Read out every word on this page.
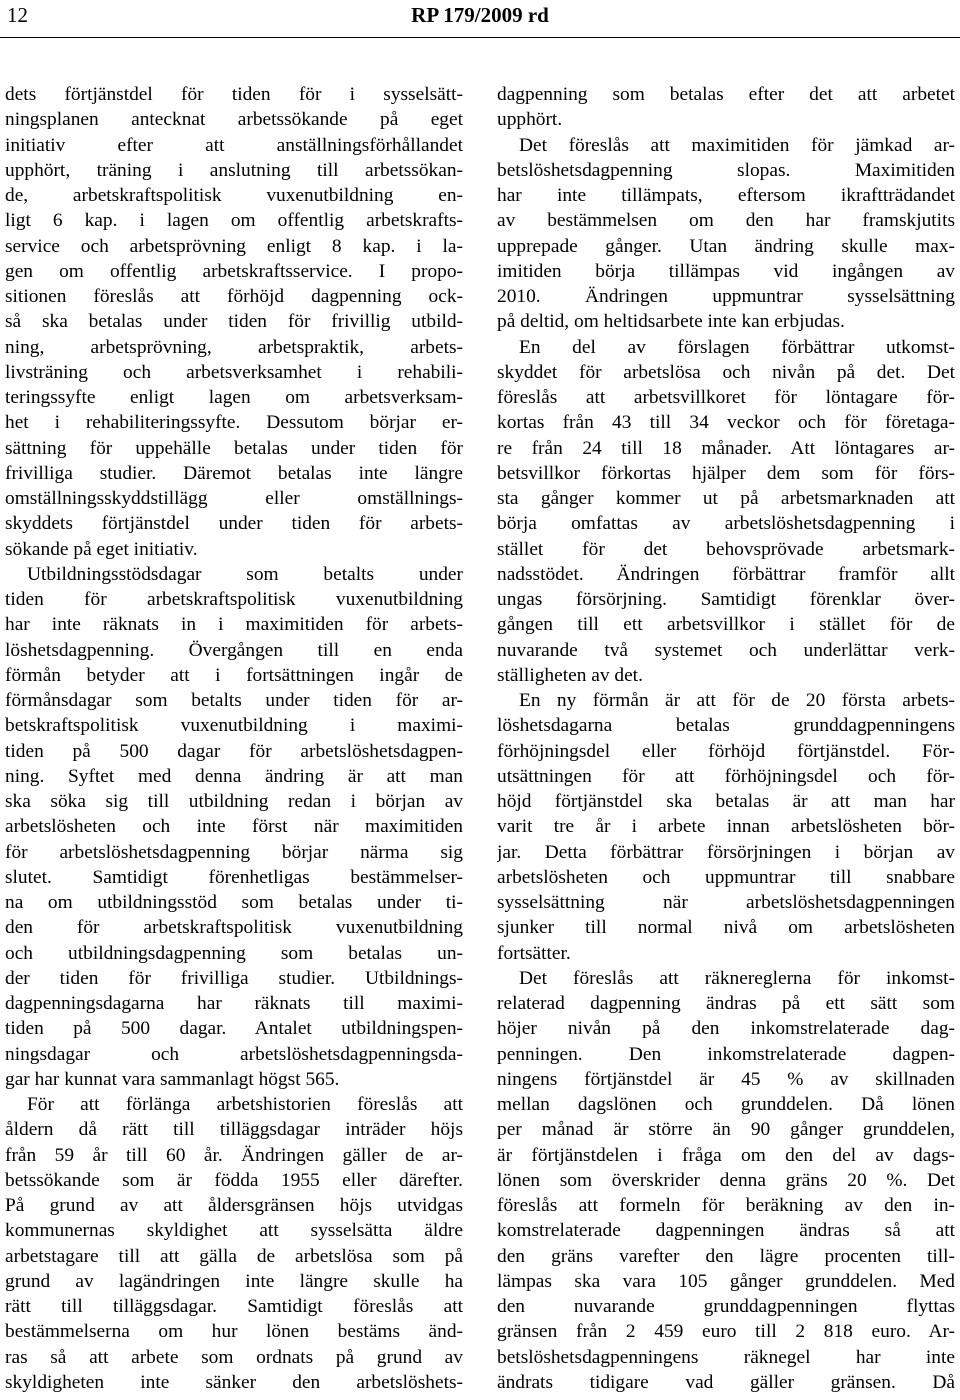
12	RP 179/2009 rd
dets förtjänstdel för tiden för i sysselsätt-
ningsplanen antecknat arbetssökande på eget
initiativ efter att anställningsförhållandet
upphört, träning i anslutning till arbetssökan-
de, arbetskraftspolitisk vuxenutbildning en-
ligt 6 kap. i lagen om offentlig arbetskrafts-
service och arbetsprövning enligt 8 kap. i la-
gen om offentlig arbetskraftsservice. I propo-
sitionen föreslås att förhöjd dagpenning ock-
så ska betalas under tiden för frivillig utbild-
ning, arbetsprövning, arbetspraktik, arbets-
livsträning och arbetsverksamhet i rehabili-
teringssyfte enligt lagen om arbetsverksam-
het i rehabiliteringssyfte. Dessutom börjar er-
sättning för uppehälle betalas under tiden för
frivilliga studier. Däremot betalas inte längre
omställningsskyddstillägg eller omställnings-
skyddets förtjänstdel under tiden för arbets-
sökande på eget initiativ.
Utbildningsstödsdagar som betalts under
tiden för arbetskraftspolitisk vuxenutbildning
har inte räknats in i maximitiden för arbets-
löshetsdagpenning. Övergången till en enda
förmån betyder att i fortsättningen ingår de
förmånsdagar som betalts under tiden för ar-
betskraftspolitisk vuxenutbildning i maximi-
tiden på 500 dagar för arbetslöshetsdagpen-
ning. Syftet med denna ändring är att man
ska söka sig till utbildning redan i början av
arbetslösheten och inte först när maximitiden
för arbetslöshetsdagpenning börjar närma sig
slutet. Samtidigt förenhetligas bestämmelser-
na om utbildningsstöd som betalas under ti-
den för arbetskraftspolitisk vuxenutbildning
och utbildningsdagpenning som betalas un-
der tiden för frivilliga studier. Utbildnings-
dagpenningsdagarna har räknats till maximi-
tiden på 500 dagar. Antalet utbildningspen-
ningsdagar och arbetslöshetsdagpenningsda-
gar har kunnat vara sammanlagt högst 565.
För att förlänga arbetshistorien föreslås att
åldern då rätt till tilläggsdagar inträder höjs
från 59 år till 60 år. Ändringen gäller de ar-
betssökande som är födda 1955 eller därefter.
På grund av att åldersgränsen höjs utvidgas
kommunernas skyldighet att sysselsätta äldre
arbetstagare till att gälla de arbetslösa som på
grund av lagändringen inte längre skulle ha
rätt till tilläggsdagar. Samtidigt föreslås att
bestämmelserna om hur lönen bestäms änd-
ras så att arbete som ordnats på grund av
skyldigheten inte sänker den arbetslöshets-
dagpenning som betalas efter det att arbetet
upphört.
Det föreslås att maximitiden för jämkad ar-
betslöshetsdagpenning slopas. Maximitiden
har inte tillämpats, eftersom ikraftträdandet
av bestämmelsen om den har framskjutits
upprepade gånger. Utan ändring skulle max-
imitiden börja tillämpas vid ingången av
2010. Ändringen uppmuntrar sysselsättning
på deltid, om heltidsarbete inte kan erbjudas.
En del av förslagen förbättrar utkomst-
skyddet för arbetslösa och nivån på det. Det
föreslås att arbetsvillkoret för löntagare för-
kortas från 43 till 34 veckor och för företaga-
re från 24 till 18 månader. Att löntagares ar-
betsvillkor förkortas hjälper dem som för förs-
sta gånger kommer ut på arbetsmarknaden att
börja omfattas av arbetslöshetsdagpenning i
stället för det behovsprövade arbetsmark-
nadsstödet. Ändringen förbättrar framför allt
ungas försörjning. Samtidigt förenklar över-
gången till ett arbetsvillkor i stället för de
nuvarande två systemet och underlättar verk-
ställigheten av det.
En ny förmån är att för de 20 första arbets-
löshetsdagarna betalas grunddagpenningens
förhöjningsdel eller förhöjd förtjänstdel. För-
utsättningen för att förhöjningsdel och för-
höjd förtjänstdel ska betalas är att man har
varit tre år i arbete innan arbetslösheten bör-
jar. Detta förbättrar försörjningen i början av
arbetslösheten och uppmuntrar till snabbare
sysselsättning när arbetslöshetsdagpenningen
sjunker till normal nivå om arbetslösheten
fortsätter.
Det föreslås att räknereglerna för inkomst-
relaterad dagpenning ändras på ett sätt som
höjer nivån på den inkomstrelaterade dag-
penningen. Den inkomstrelaterade dagpen-
ningens förtjänstdel är 45 % av skillnaden
mellan dagslönen och grunddelen. Då lönen
per månad är större än 90 gånger grunddelen,
är förtjänstdelen i fråga om den del av dags-
lönen som överskrider denna gräns 20 %. Det
föreslås att formeln för beräkning av den in-
komstrelaterade dagpenningen ändras så att
den gräns varefter den lägre procenten till-
lämpas ska vara 105 gånger grunddelen. Med
den nuvarande grunddagpenningen flyttas
gränsen från 2 459 euro till 2 818 euro. Ar-
betslöshetsdagpenningens räknegel har inte
ändrats tidigare vad gäller gränsen. Då
